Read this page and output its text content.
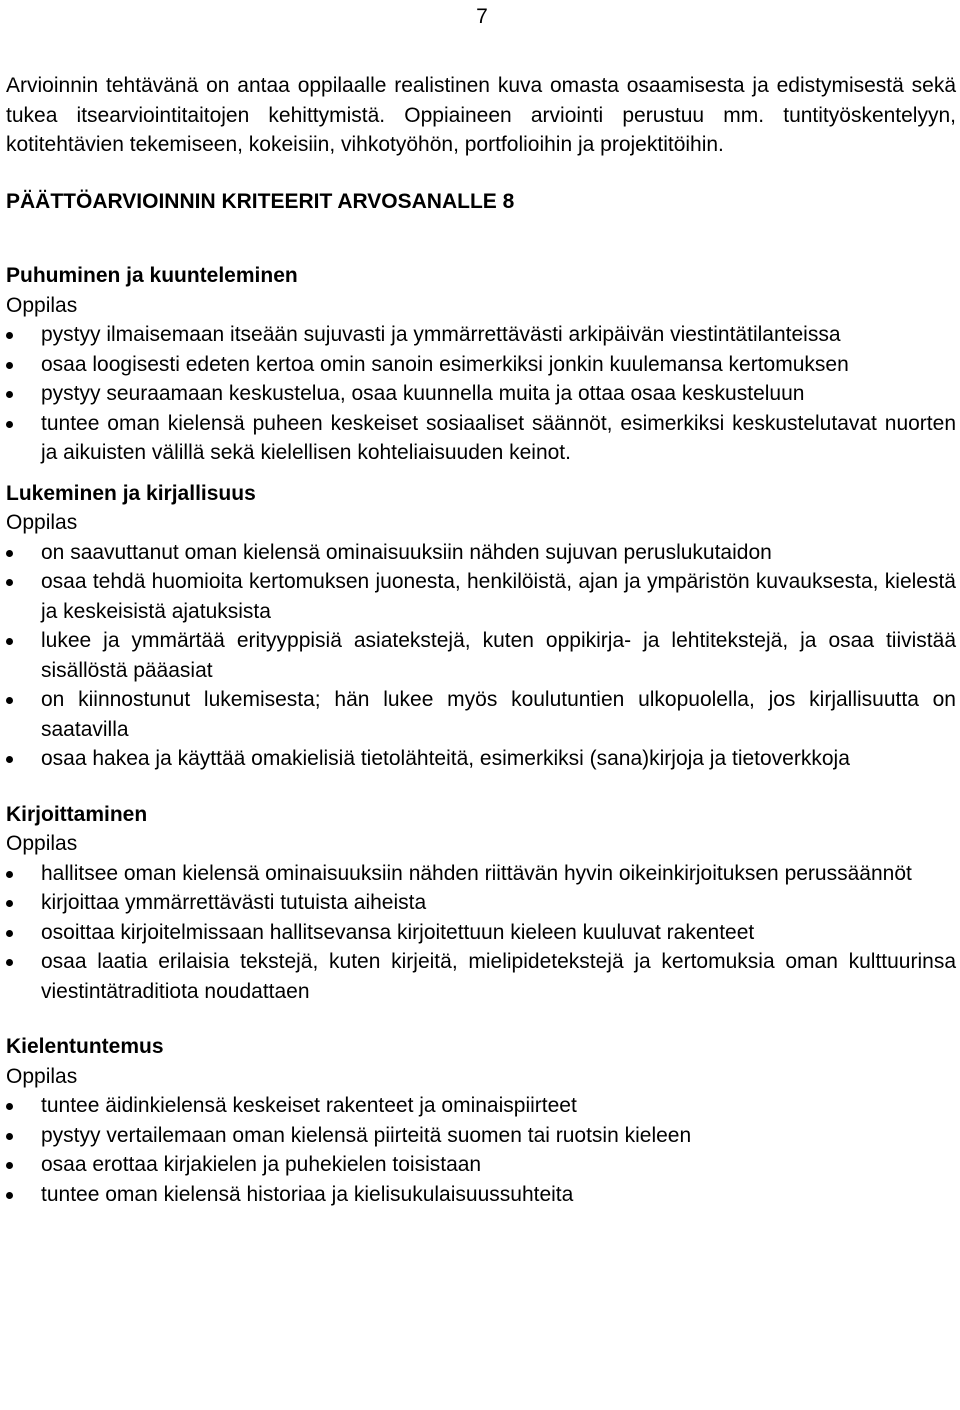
7

Arvioinnin tehtävänä on antaa oppilaalle realistinen kuva omasta osaamisesta ja edistymisestä sekä tukea itsearviointitaitojen kehittymistä. Oppiaineen arviointi perustuu mm. tuntityöskentelyyn, kotitehtävien tekemiseen, kokeisiin, vihkotyöhön, portfolioihin ja projektitöihin.

PÄÄTTÖARVIOINNIN KRITEERIT ARVOSANALLE 8
Puhuminen ja kuunteleminen

Oppilas

pystyy ilmaisemaan itseään sujuvasti ja ymmärrettävästi arkipäivän viestintätilanteissa
osaa loogisesti edeten kertoa omin sanoin esimerkiksi jonkin kuulemansa kertomuksen
pystyy seuraamaan keskustelua, osaa kuunnella muita ja ottaa osaa keskusteluun
tuntee oman kielensä puheen keskeiset sosiaaliset säännöt, esimerkiksi keskustelutavat nuorten ja aikuisten välillä sekä kielellisen kohteliaisuuden keinot.
Lukeminen ja kirjallisuus

Oppilas

on saavuttanut oman kielensä ominaisuuksiin nähden sujuvan peruslukutaidon
osaa tehdä huomioita kertomuksen juonesta, henkilöistä, ajan ja ympäristön kuvauksesta, kielestä ja keskeisistä ajatuksista
lukee ja ymmärtää erityyppisiä asiatekstejä, kuten oppikirja- ja lehtitekstejä, ja osaa tiivistää sisällöstä pääasiat
on kiinnostunut lukemisesta; hän lukee myös koulutuntien ulkopuolella, jos kirjallisuutta on saatavilla
osaa hakea ja käyttää omakielisiä tietolähteitä, esimerkiksi (sana)kirjoja ja tietoverkkoja
Kirjoittaminen

Oppilas

hallitsee oman kielensä ominaisuuksiin nähden riittävän hyvin oikeinkirjoituksen perussäännöt
kirjoittaa ymmärrettävästi tutuista aiheista
osoittaa kirjoitelmissaan hallitsevansa kirjoitettuun kieleen kuuluvat rakenteet
osaa laatia erilaisia tekstejä, kuten kirjeitä, mielipidetekstejä ja kertomuksia oman kulttuurinsa viestintätraditiota noudattaen
Kielentuntemus

Oppilas

tuntee äidinkielensä keskeiset rakenteet ja ominaispiirteet
pystyy vertailemaan oman kielensä piirteitä suomen tai ruotsin kieleen
osaa erottaa kirjakielen ja puhekielen toisistaan
tuntee oman kielensä historiaa ja kielisukulaisuussuhteita
